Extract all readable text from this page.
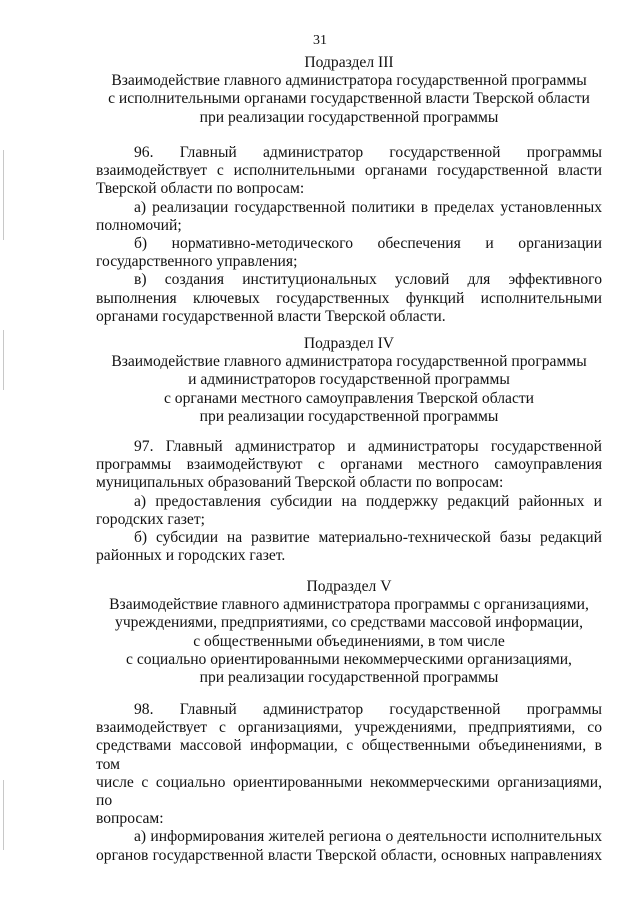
31
Подраздел III
Взаимодействие главного администратора государственной программы
с исполнительными органами государственной власти Тверской области
при реализации государственной программы
96. Главный администратор государственной программы
взаимодействует с исполнительными органами государственной власти
Тверской области по вопросам:
а) реализации государственной политики в пределах установленных
полномочий;
б) нормативно-методического обеспечения и организации
государственного управления;
в) создания институциональных условий для эффективного
выполнения ключевых государственных функций исполнительными
органами государственной власти Тверской области.
Подраздел IV
Взаимодействие главного администратора государственной программы
и администраторов государственной программы
с органами местного самоуправления Тверской области
при реализации государственной программы
97. Главный администратор и администраторы государственной
программы взаимодействуют с органами местного самоуправления
муниципальных образований Тверской области по вопросам:
а) предоставления субсидии на поддержку редакций районных и
городских газет;
б) субсидии на развитие материально-технической базы редакций
районных и городских газет.
Подраздел V
Взаимодействие главного администратора программы с организациями,
учреждениями, предприятиями, со средствами массовой информации,
с общественными объединениями, в том числе
с социально ориентированными некоммерческими организациями,
при реализации государственной программы
98. Главный администратор государственной программы
взаимодействует с организациями, учреждениями, предприятиями, со
средствами массовой информации, с общественными объединениями, в том
числе с социально ориентированными некоммерческими организациями, по
вопросам:
а) информирования жителей региона о деятельности исполнительных
органов государственной власти Тверской области, основных направлениях
